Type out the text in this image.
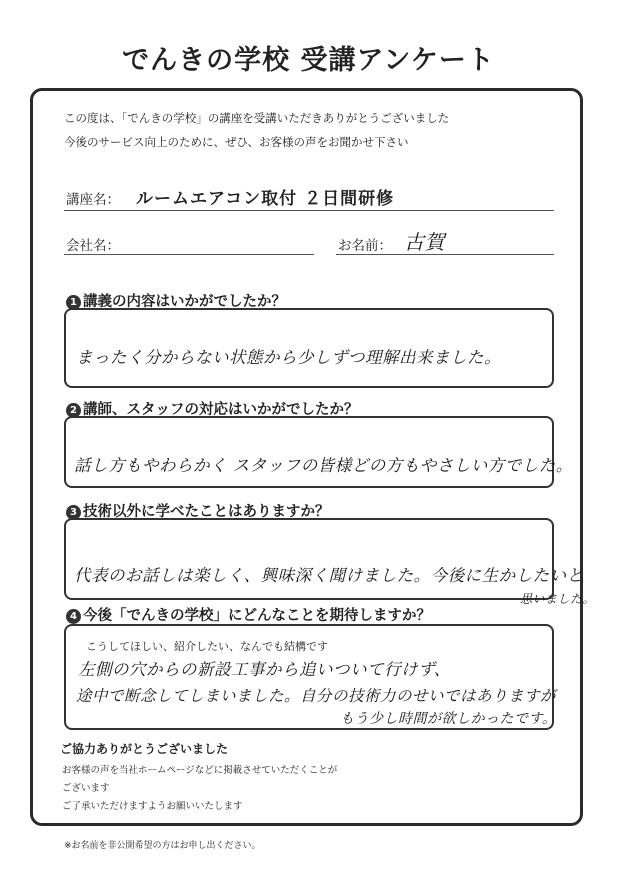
でんきの学校 受講アンケート
この度は、「でんきの学校」の講座を受講いただきありがとうございました
今後のサービス向上のために、ぜひ、お客様の声をお聞かせ下さい
講座名： ルームエアコン取付 ２日間研修
会社名：	お名前： 古賀
1 講義の内容はいかがでしたか？
まったく分からない状態から少しずつ理解出来ました。
2 講師、スタッフの対応はいかがでしたか？
話し方もやわらかく スタッフの皆様どの方もやさしい方でした。
3 技術以外に学べたことはありますか？
代表のお話しは楽しく、興味深く聞けました。今後に生かしたいと
思いました。
4 今後「でんきの学校」にどんなことを期待しますか？
こうしてほしい、紹介したい、なんでも結構です
左側の穴からの新設工事から追いついて行けず、
途中で断念してしまいました。自分の技術力のせいではありますが
もう少し時間が欲しかったです。
ご協力ありがとうございました
お客様の声を当社ホームページなどに掲載させていただくことが
ございます
ご了承いただけますようお願いいたします
※お名前を非公開希望の方はお申し出ください。
